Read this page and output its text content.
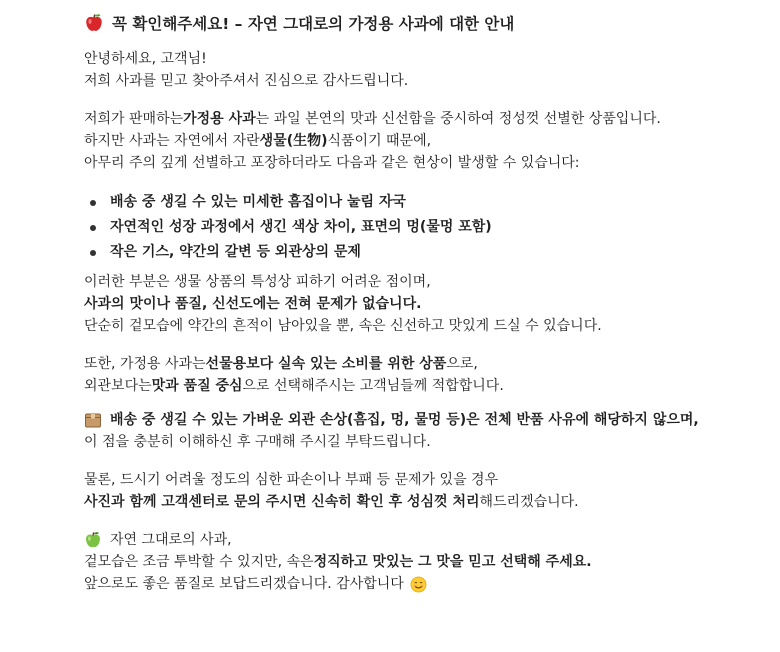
꼭 확인해주세요! – 자연 그대로의 가정용 사과에 대한 안내
안녕하세요, 고객님!
저희 사과를 믿고 찾아주셔서 진심으로 감사드립니다.
저희가 판매하는 가정용 사과 는 과일 본연의 맛과 신선함을 중시하여 정성껏 선별한 상품입니다.
하지만 사과는 자연에서 자란 생물(生物) 식품이기 때문에,
아무리 주의 깊게 선별하고 포장하더라도 다음과 같은 현상이 발생할 수 있습니다:
배송 중 생길 수 있는 미세한 흠집이나 눌림 자국
자연적인 성장 과정에서 생긴 색상 차이, 표면의 멍(물멍 포함)
작은 기스, 약간의 갈변 등 외관상의 문제
이러한 부분은 생물 상품의 특성상 피하기 어려운 점이며,
사과의 맛이나 품질, 신선도에는 전혀 문제가 없습니다.
단순히 겉모습에 약간의 흔적이 남아있을 뿐, 속은 신선하고 맛있게 드실 수 있습니다.
또한, 가정용 사과는 선물용보다 실속 있는 소비를 위한 상품 으로,
외관보다는 맛과 품질 중심 으로 선택해주시는 고객님들께 적합합니다.
배송 중 생길 수 있는 가벼운 외관 손상(흠집, 멍, 물멍 등)은 전체 반품 사유에 해당하지 않으며,
이 점을 충분히 이해하신 후 구매해 주시길 부탁드립니다.
물론, 드시기 어려울 정도의 심한 파손이나 부패 등 문제가 있을 경우
사진과 함께 고객센터로 문의 주시면 신속히 확인 후 성심껏 처리 해드리겠습니다.
자연 그대로의 사과,
겉모습은 조금 투박할 수 있지만, 속은 정직하고 맛있는 그 맛을 믿고 선택해 주세요.
앞으로도 좋은 품질로 보답드리겠습니다. 감사합니다
